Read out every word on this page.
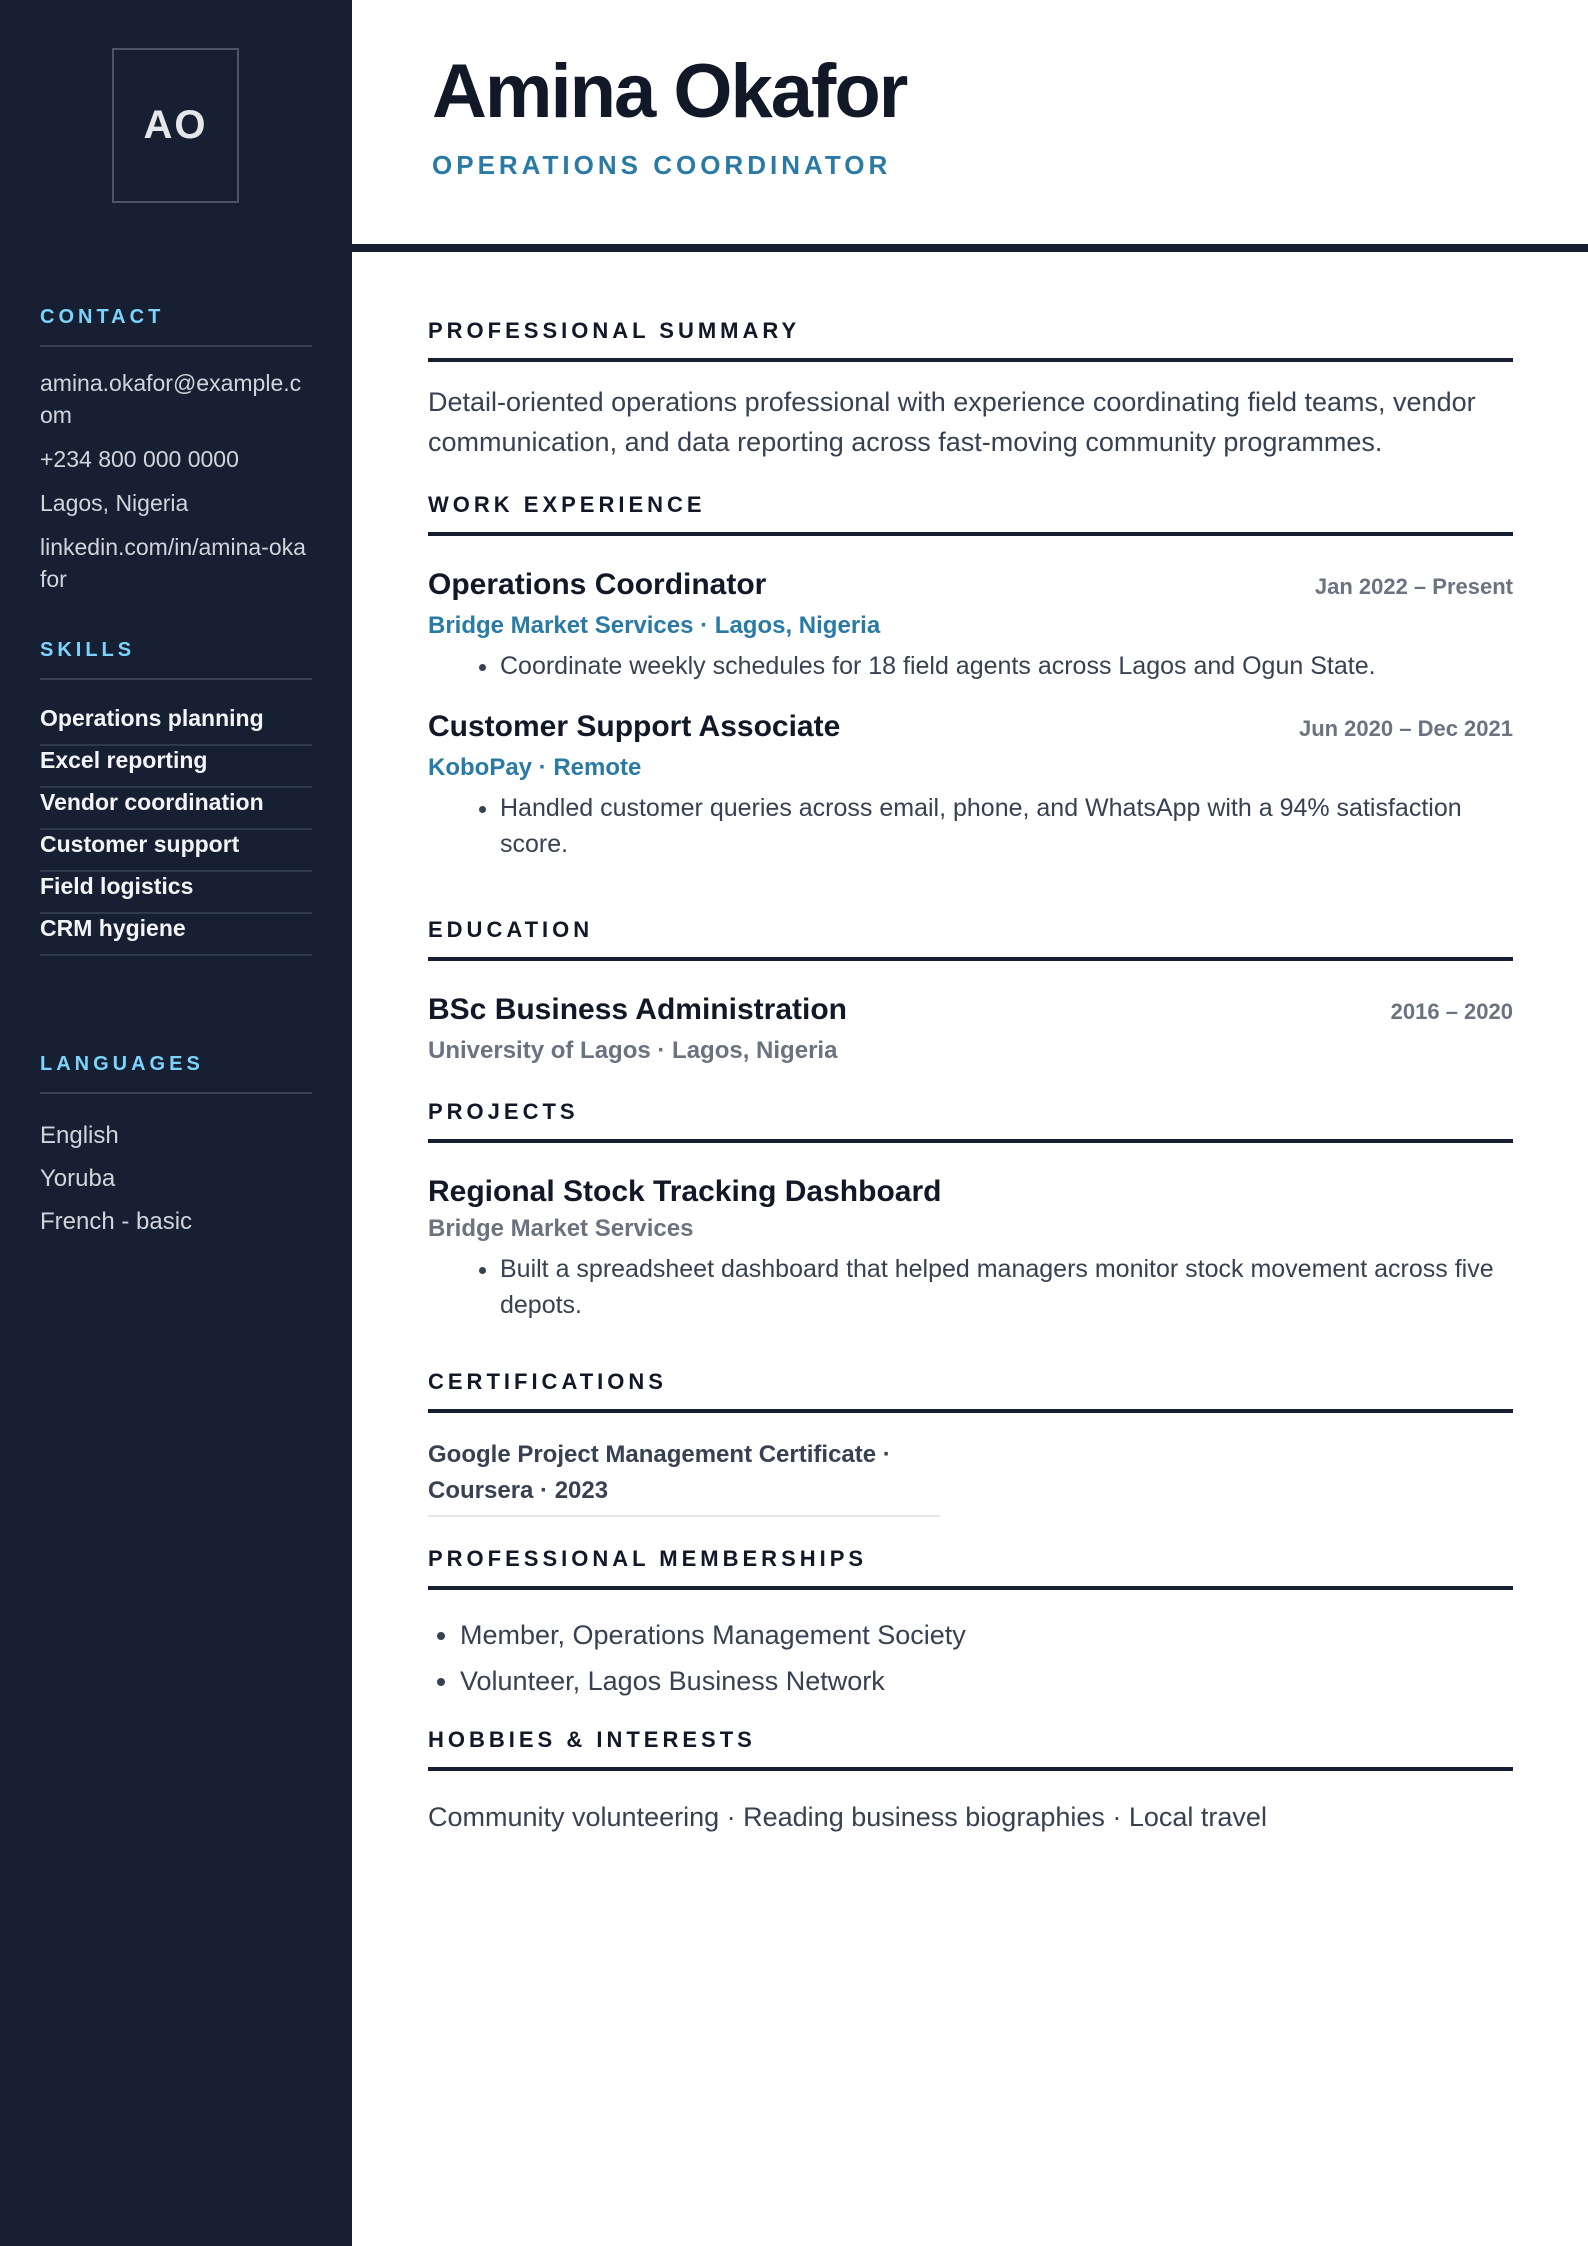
AO
CONTACT
amina.okafor@example.com
+234 800 000 0000
Lagos, Nigeria
linkedin.com/in/amina-okafor
SKILLS
Operations planning
Excel reporting
Vendor coordination
Customer support
Field logistics
CRM hygiene
LANGUAGES
English
Yoruba
French - basic
Amina Okafor
OPERATIONS COORDINATOR
PROFESSIONAL SUMMARY
Detail-oriented operations professional with experience coordinating field teams, vendor communication, and data reporting across fast-moving community programmes.
WORK EXPERIENCE
Operations Coordinator	Jan 2022 – Present
Bridge Market Services · Lagos, Nigeria
• Coordinate weekly schedules for 18 field agents across Lagos and Ogun State.
Customer Support Associate	Jun 2020 – Dec 2021
KoboPay · Remote
• Handled customer queries across email, phone, and WhatsApp with a 94% satisfaction score.
EDUCATION
BSc Business Administration	2016 – 2020
University of Lagos · Lagos, Nigeria
PROJECTS
Regional Stock Tracking Dashboard
Bridge Market Services
• Built a spreadsheet dashboard that helped managers monitor stock movement across five depots.
CERTIFICATIONS
Google Project Management Certificate · Coursera · 2023
PROFESSIONAL MEMBERSHIPS
• Member, Operations Management Society
• Volunteer, Lagos Business Network
HOBBIES & INTERESTS
Community volunteering · Reading business biographies · Local travel
